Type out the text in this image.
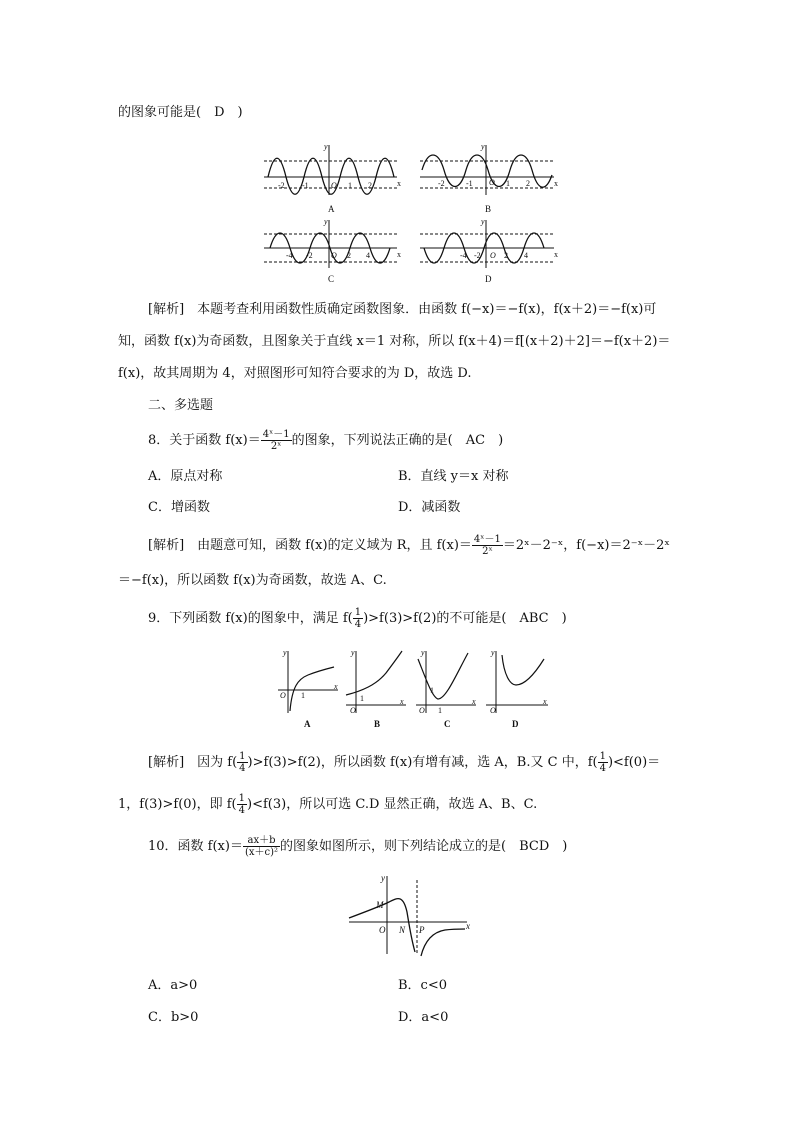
的图象可能是(　D　)
x
y
-2 -1	O 1 2	x
y
-2	-1 O 1 2
x
y
-4 -2 O 2 4	x
y
-4 -2 O 2 4
A	B
C	D
[解析]　本题考查利用函数性质确定函数图象．由函数 f(−x)＝−f(x)，f(x＋2)＝−f(x)可
知，函数 f(x)为奇函数，且图象关于直线 x＝1 对称，所以 f(x＋4)＝f[(x＋2)＋2]＝−f(x＋2)＝
f(x)，故其周期为 4，对照图形可知符合要求的为 D，故选 D.
二、多选题
8．关于函数 $f(x)= \frac{\text{4ˣ－1}}{\text{2ˣ}}$ 的图象，下列说法正确的是(　AC　)
A．原点对称	B．直线 y＝x 对称
C．增函数	D．减函数
[解析]　由题意可知，函数 f(x)的定义域为 R，且 $f(x)= \frac{\text{4ˣ－1}}{\text{2ˣ}}$ ＝2ˣ－2⁻ˣ，f(−x)＝2⁻ˣ－2ˣ
＝−f(x)，所以函数 f(x)为奇函数，故选 A、C.
9．下列函数 f(x)的图象中，满足 $f( \frac{1}{4} )>f(3)>f(2)$的不可能是(　ABC　)
y
x
O 1
y
x
O
1
y
x
O
1
1
y
x
O
A	B	C	D
[解析]　因为 $f( \frac{1}{4} )>f(3)>f(2)$，所以函数 f(x)有增有减，选 A，B.又 C 中，$f( \frac{1}{4} )<f(0)=$
1，f(3)>f(0)，即 $f( \frac{1}{4} )<f(3)$，所以可选 C.D 显然正确，故选 A、B、C.
10．函数 $f(x)= \frac{ax+b}{\text{(x＋c)²}}$ 的图象如图所示，则下列结论成立的是(　BCD　)
y
x
M
O N P
A．a>0	B．c<0
C．b>0	D．a<0
